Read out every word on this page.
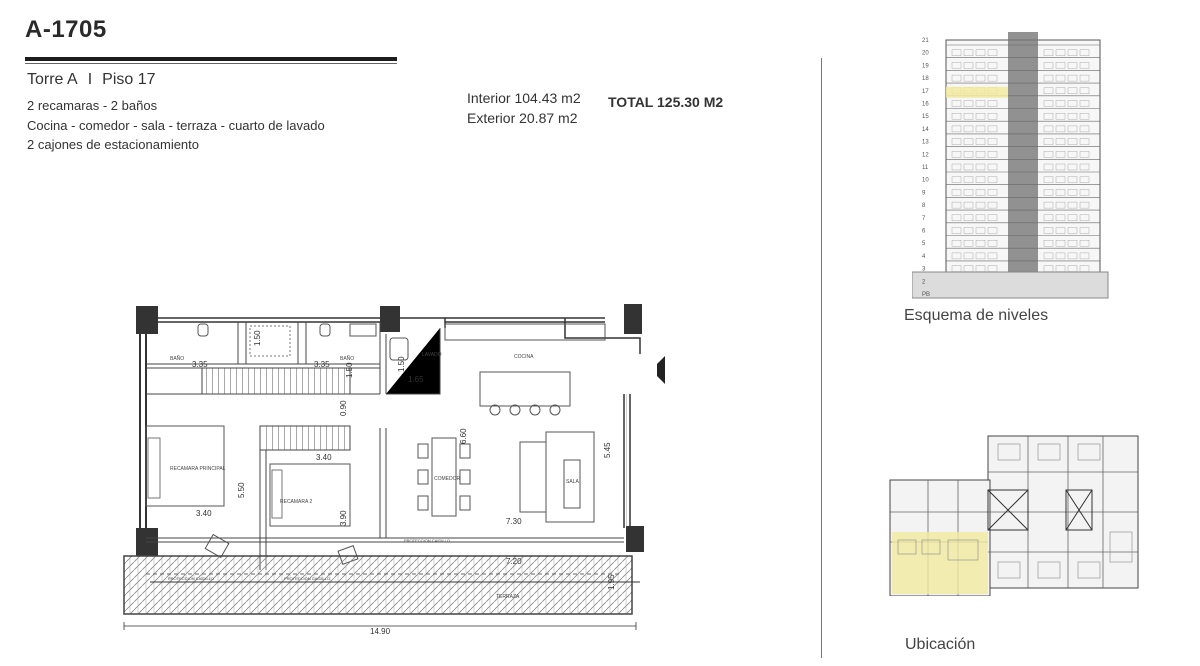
A-1705
Torre A I Piso 17
2 recamaras - 2 baños
Cocina - comedor - sala - terraza - cuarto de lavado
2 cajones de estacionamiento
Interior 104.43 m2
Exterior 20.87 m2
TOTAL 125.30 M2
BAÑO	BAÑO
LAVADO	COCINA
RECAMARA PRINCIPAL
RECAMARA 2
COMEDOR	SALA
TERRAZA
PROTECCION CAIDILLO	PROTECCION CAIDILLO
PROTECCION CAIDILLO
3.35	3.35
1.50
1.50	1.50
1.65
0.90
6.60
5.45
3.40
3.40
5.50
3.90	7.30
7.20
1.95
14.90
21
20
19
18
17
16
15
14
13
12
11
10
9
8
7
6
5
4
3
2
PB
Esquema de niveles
Ubicación
